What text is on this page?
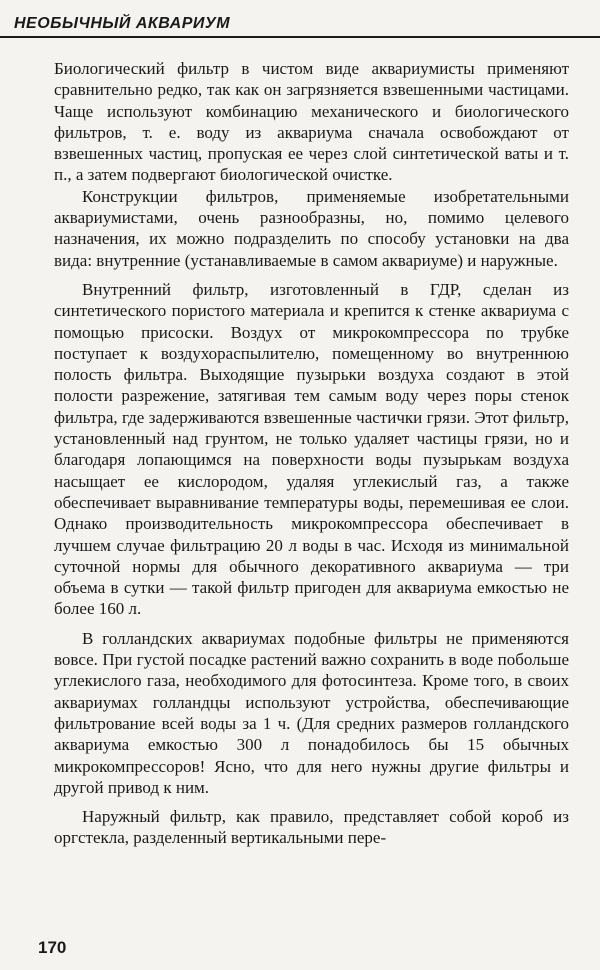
НЕОБЫЧНЫЙ АКВАРИУМ

Биологический фильтр в чистом виде аквариумисты применяют сравнительно редко, так как он загрязняется взвешенными частицами. Чаще используют комбинацию механического и биологического фильтров, т. е. воду из аквариума сначала освобождают от взвешенных частиц, пропуская ее через слой синтетической ваты и т. п., а затем подвергают биологической очистке.

Конструкции фильтров, применяемые изобретательными аквариумистами, очень разнообразны, но, помимо целевого назначения, их можно подразделить по способу установки на два вида: внутренние (устанавливаемые в самом аквариуме) и наружные.

Внутренний фильтр, изготовленный в ГДР, сделан из синтетического пористого материала и крепится к стенке аквариума с помощью присоски. Воздух от микрокомпрессора по трубке поступает к воздухораспылителю, помещенному во внутреннюю полость фильтра. Выходящие пузырьки воздуха создают в этой полости разрежение, затягивая тем самым воду через поры стенок фильтра, где задерживаются взвешенные частички грязи. Этот фильтр, установленный над грунтом, не только удаляет частицы грязи, но и благодаря лопающимся на поверхности воды пузырькам воздуха насыщает ее кислородом, удаляя углекислый газ, а также обеспечивает выравнивание температуры воды, перемешивая ее слои. Однако производительность микрокомпрессора обеспечивает в лучшем случае фильтрацию 20 л воды в час. Исходя из минимальной суточной нормы для обычного декоративного аквариума — три объема в сутки — такой фильтр пригоден для аквариума емкостью не более 160 л.

В голландских аквариумах подобные фильтры не применяются вовсе. При густой посадке растений важно сохранить в воде побольше углекислого газа, необходимого для фотосинтеза. Кроме того, в своих аквариумах голландцы используют устройства, обеспечивающие фильтрование всей воды за 1 ч. (Для средних размеров голландского аквариума емкостью 300 л понадобилось бы 15 обычных микрокомпрессоров! Ясно, что для него нужны другие фильтры и другой привод к ним.

Наружный фильтр, как правило, представляет собой короб из оргстекла, разделенный вертикальными пере-

170
